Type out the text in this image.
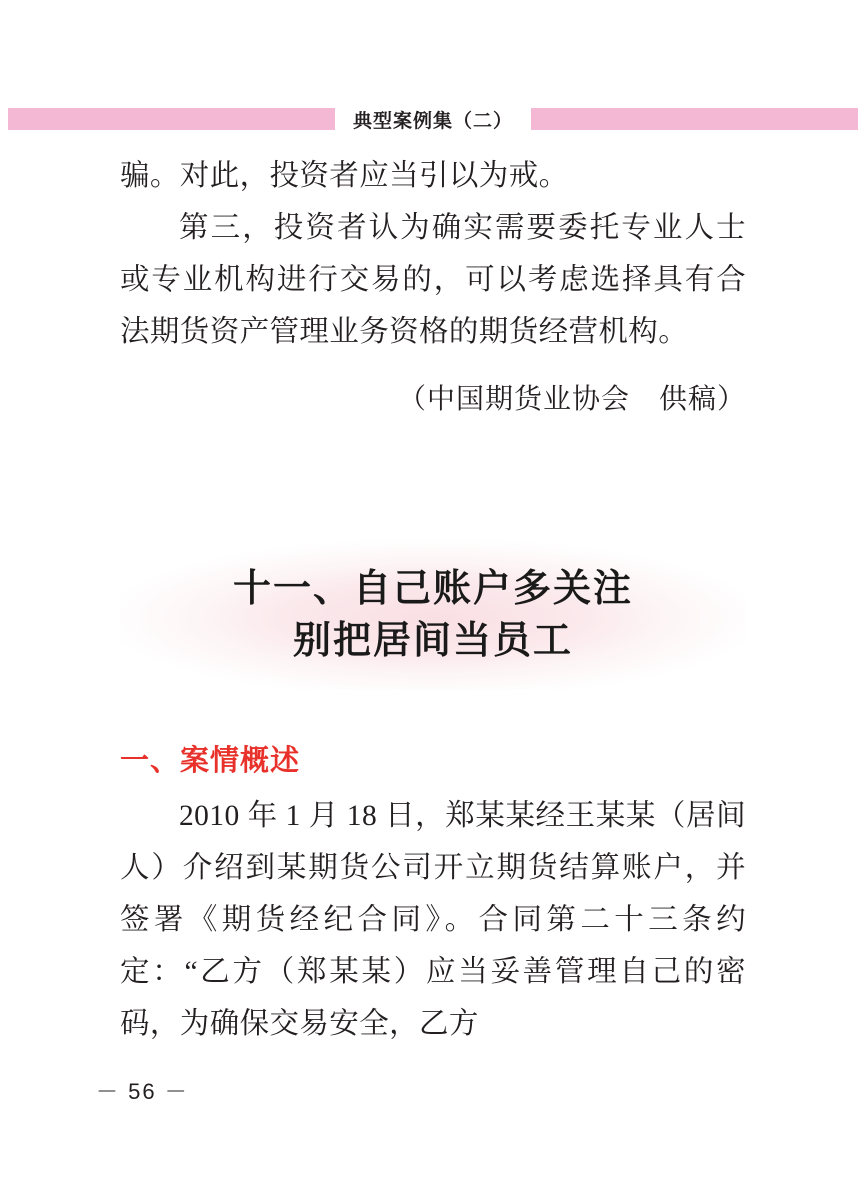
典型案例集（二）

骗。对此，投资者应当引以为戒。

第三，投资者认为确实需要委托专业人士或专业机构进行交易的，可以考虑选择具有合法期货资产管理业务资格的期货经营机构。

（中国期货业协会　供稿）

十一、自己账户多关注
别把居间当员工
一、案情概述

2010 年 1 月 18 日，郑某某经王某某（居间人）介绍到某期货公司开立期货结算账户，并签署《期货经纪合同》。合同第二十三条约定：“乙方（郑某某）应当妥善管理自己的密码，为确保交易安全，乙方

－ 56 －
